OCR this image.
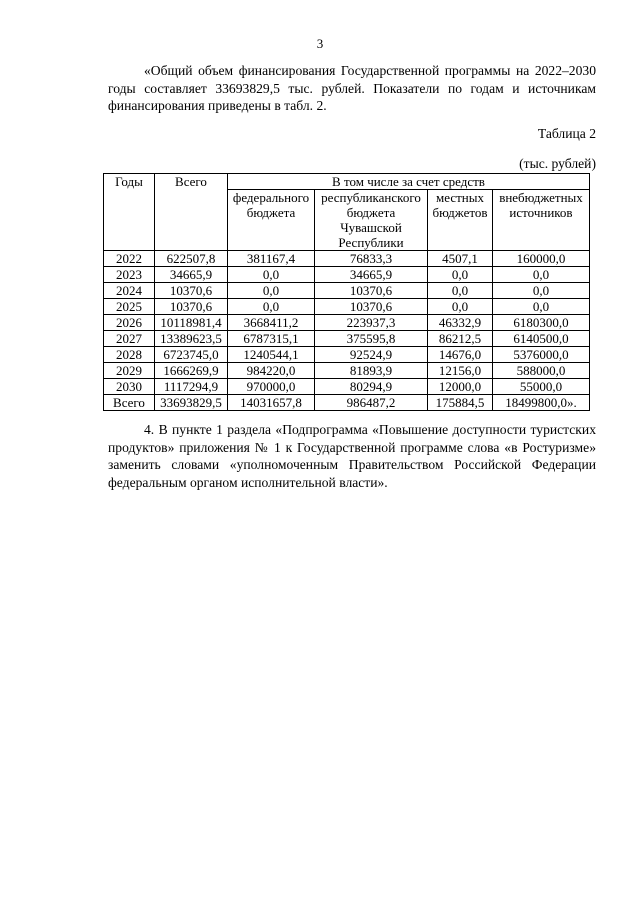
3

«Общий объем финансирования Государственной программы на 2022–2030 годы составляет 33693829,5 тыс. рублей. Показатели по годам и источникам финансирования приведены в табл. 2.

Таблица 2
(тыс. рублей)
Годы	Всего	В том числе за счет средств			
		федерального бюджета	республиканского бюджета Чувашской Республики	местных бюджетов	внебюджетных источников
2022	622507,8	381167,4	76833,3	4507,1	160000,0
2023	34665,9	0,0	34665,9	0,0	0,0
2024	10370,6	0,0	10370,6	0,0	0,0
2025	10370,6	0,0	10370,6	0,0	0,0
2026	10118981,4	3668411,2	223937,3	46332,9	6180300,0
2027	13389623,5	6787315,1	375595,8	86212,5	6140500,0
2028	6723745,0	1240544,1	92524,9	14676,0	5376000,0
2029	1666269,9	984220,0	81893,9	12156,0	588000,0
2030	1117294,9	970000,0	80294,9	12000,0	55000,0
Всего	33693829,5	14031657,8	986487,2	175884,5	18499800,0».

4. В пункте 1 раздела «Подпрограмма «Повышение доступности туристских продуктов» приложения № 1 к Государственной программе слова «в Ростуризме» заменить словами «уполномоченным Правительством Российской Федерации федеральным органом исполнительной власти».
